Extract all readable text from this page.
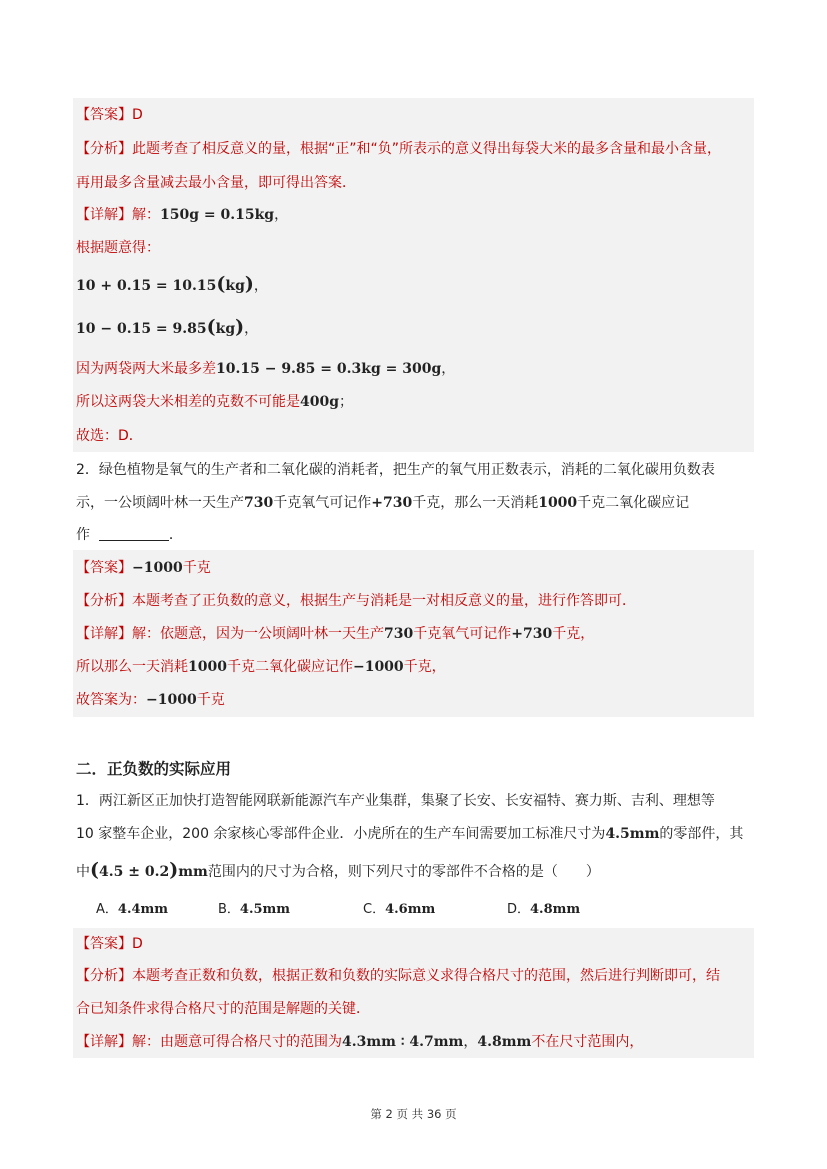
【答案】D
【分析】此题考查了相反意义的量，根据“正”和“负”所表示的意义得出每袋大米的最多含量和最小含量，
再用最多含量减去最小含量，即可得出答案．
【详解】解：150g = 0.15kg，
根据题意得：
10 + 0.15 = 10.15(kg)，
10 − 0.15 = 9.85(kg)，
因为两袋两大米最多差10.15 − 9.85 = 0.3kg = 300g，
所以这两袋大米相差的克数不可能是400g；
故选：D．
2．绿色植物是氧气的生产者和二氧化碳的消耗者，把生产的氧气用正数表示，消耗的二氧化碳用负数表
示，一公顷阔叶林一天生产730千克氧气可记作+730千克，那么一天消耗1000千克二氧化碳应记
作	．
【答案】−1000千克
【分析】本题考查了正负数的意义，根据生产与消耗是一对相反意义的量，进行作答即可．
【详解】解：依题意，因为一公顷阔叶林一天生产730千克氧气可记作+730千克，
所以那么一天消耗1000千克二氧化碳应记作−1000千克，
故答案为：−1000千克
二．正负数的实际应用
1．两江新区正加快打造智能网联新能源汽车产业集群，集聚了长安、长安福特、赛力斯、吉利、理想等
10 家整车企业，200 余家核心零部件企业．小虎所在的生产车间需要加工标准尺寸为4.5mm的零部件，其
中(4.5 ± 0.2)mm范围内的尺寸为合格，则下列尺寸的零部件不合格的是（　　）
A．4.4mm	B．4.5mm	C．4.6mm	D．4.8mm
【答案】D
【分析】本题考查正数和负数，根据正数和负数的实际意义求得合格尺寸的范围，然后进行判断即可，结
合已知条件求得合格尺寸的范围是解题的关键．
【详解】解：由题意可得合格尺寸的范围为4.3mm ∶ 4.7mm，4.8mm不在尺寸范围内，
第 2 页 共 36 页
